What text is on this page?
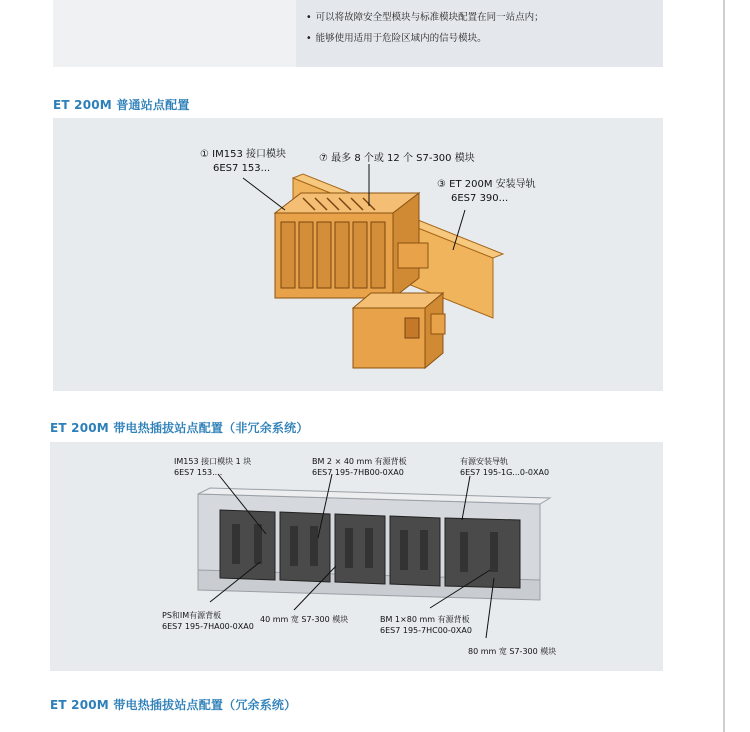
• 可以将故障安全型模块与标准模块配置在同一站点内；
• 能够使用适用于危险区域内的信号模块。
ET 200M 普通站点配置
① IM153 接口模块
6ES7 153...
⑦ 最多 8 个或 12 个 S7-300 模块
③ ET 200M 安装导轨
6ES7 390...
ET 200M 带电热插拔站点配置（非冗余系统）
IM153 接口模块 1 块
6ES7 153....
BM 2 × 40 mm 有源背板
6ES7 195-7HB00-0XA0
有源安装导轨
6ES7 195-1G...0-0XA0
PS和IM有源背板
6ES7 195-7HA00-0XA0
40 mm 宽 S7-300 模块	BM 1×80 mm 有源背板
6ES7 195-7HC00-0XA0
80 mm 宽 S7-300 模块
ET 200M 带电热插拔站点配置（冗余系统）
